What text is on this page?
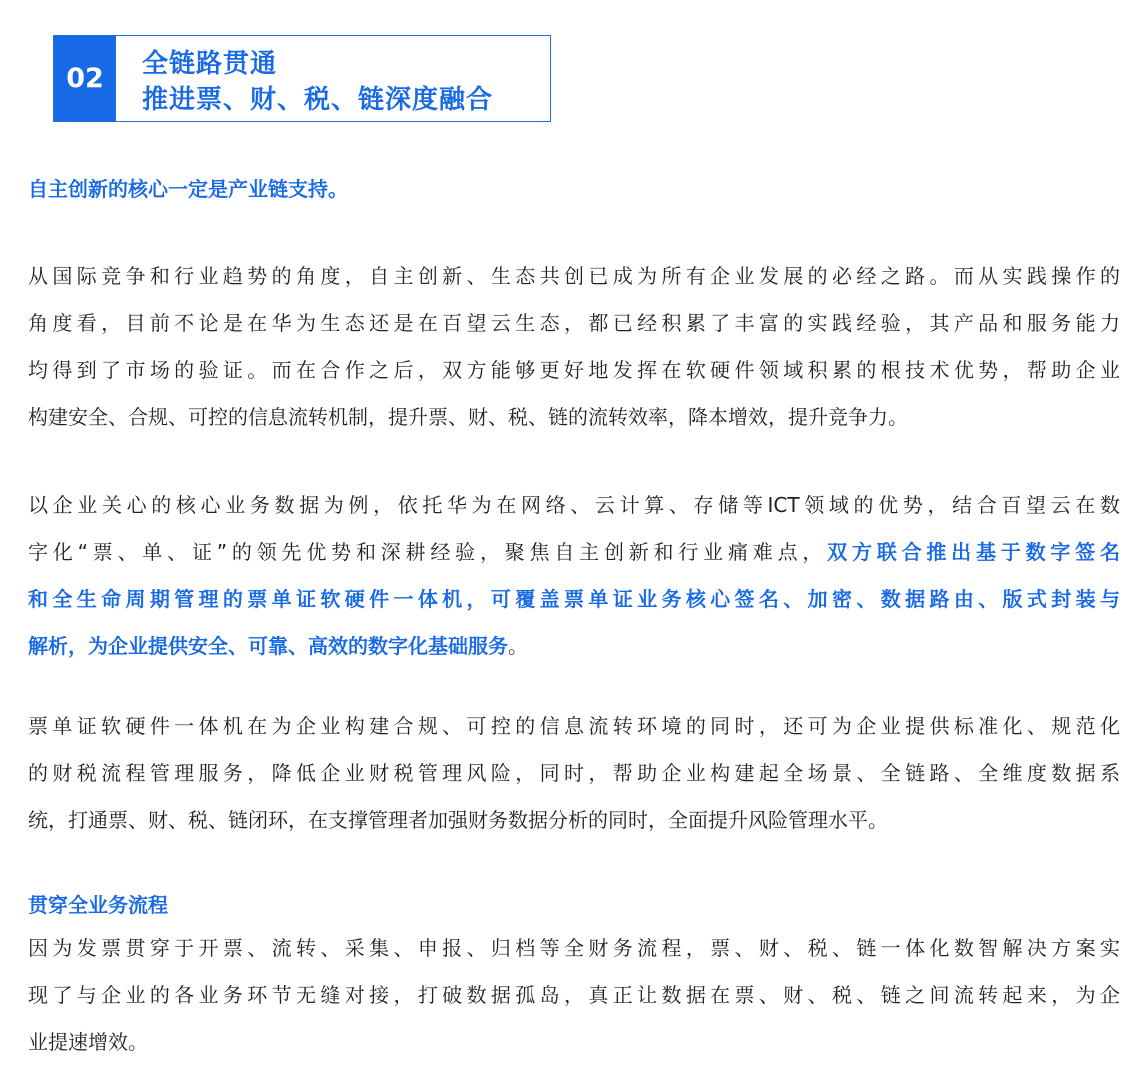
02	全链路贯通
推进票、财、税、链深度融合
自主创新的核心一定是产业链支持。
从国际竞争和行业趋势的角度，自主创新、生态共创已成为所有企业发展的必经之路。而从实践操作的
角度看，目前不论是在华为生态还是在百望云生态，都已经积累了丰富的实践经验，其产品和服务能力
均得到了市场的验证。而在合作之后，双方能够更好地发挥在软硬件领域积累的根技术优势，帮助企业
构建安全、合规、可控的信息流转机制，提升票、财、税、链的流转效率，降本增效，提升竞争力。
以企业关心的核心业务数据为例，依托华为在网络、云计算、存储等ICT领域的优势，结合百望云在数
字化“票、单、证”的领先优势和深耕经验，聚焦自主创新和行业痛难点，双方联合推出基于数字签名
和全生命周期管理的票单证软硬件一体机，可覆盖票单证业务核心签名、加密、数据路由、版式封装与
解析，为企业提供安全、可靠、高效的数字化基础服务。
票单证软硬件一体机在为企业构建合规、可控的信息流转环境的同时，还可为企业提供标准化、规范化
的财税流程管理服务，降低企业财税管理风险，同时，帮助企业构建起全场景、全链路、全维度数据系
统，打通票、财、税、链闭环，在支撑管理者加强财务数据分析的同时，全面提升风险管理水平。
贯穿全业务流程
因为发票贯穿于开票、流转、采集、申报、归档等全财务流程，票、财、税、链一体化数智解决方案实
现了与企业的各业务环节无缝对接，打破数据孤岛，真正让数据在票、财、税、链之间流转起来，为企
业提速增效。
